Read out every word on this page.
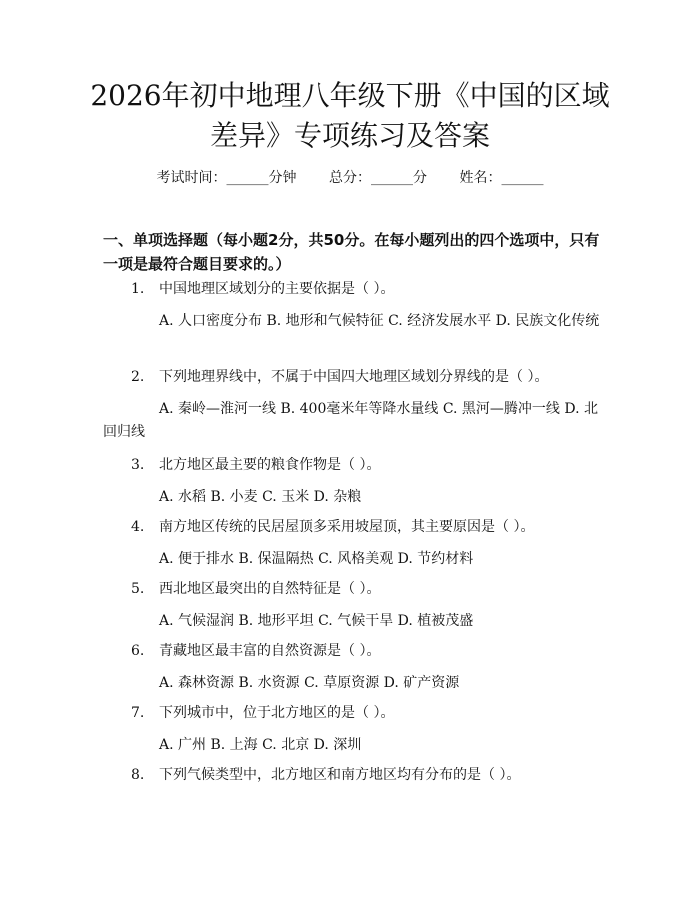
2026年初中地理八年级下册《中国的区域差异》专项练习及答案
考试时间：______分钟 总分：______分 姓名：______
一、单项选择题（每小题2分，共50分。在每小题列出的四个选项中，只有一项是最符合题目要求的。）
1.	中国地理区域划分的主要依据是（ ）。
A. 人口密度分布 B. 地形和气候特征 C. 经济发展水平 D. 民族文化传统
2.	下列地理界线中，不属于中国四大地理区域划分界线的是（ ）。
A. 秦岭—淮河一线 B. 400毫米年等降水量线 C. 黑河—腾冲一线 D. 北回归线
3.	北方地区最主要的粮食作物是（ ）。
A. 水稻 B. 小麦 C. 玉米 D. 杂粮
4.	南方地区传统的民居屋顶多采用坡屋顶，其主要原因是（ ）。
A. 便于排水 B. 保温隔热 C. 风格美观 D. 节约材料
5.	西北地区最突出的自然特征是（ ）。
A. 气候湿润 B. 地形平坦 C. 气候干旱 D. 植被茂盛
6.	青藏地区最丰富的自然资源是（ ）。
A. 森林资源 B. 水资源 C. 草原资源 D. 矿产资源
7.	下列城市中，位于北方地区的是（ ）。
A. 广州 B. 上海 C. 北京 D. 深圳
8.	下列气候类型中，北方地区和南方地区均有分布的是（ ）。
